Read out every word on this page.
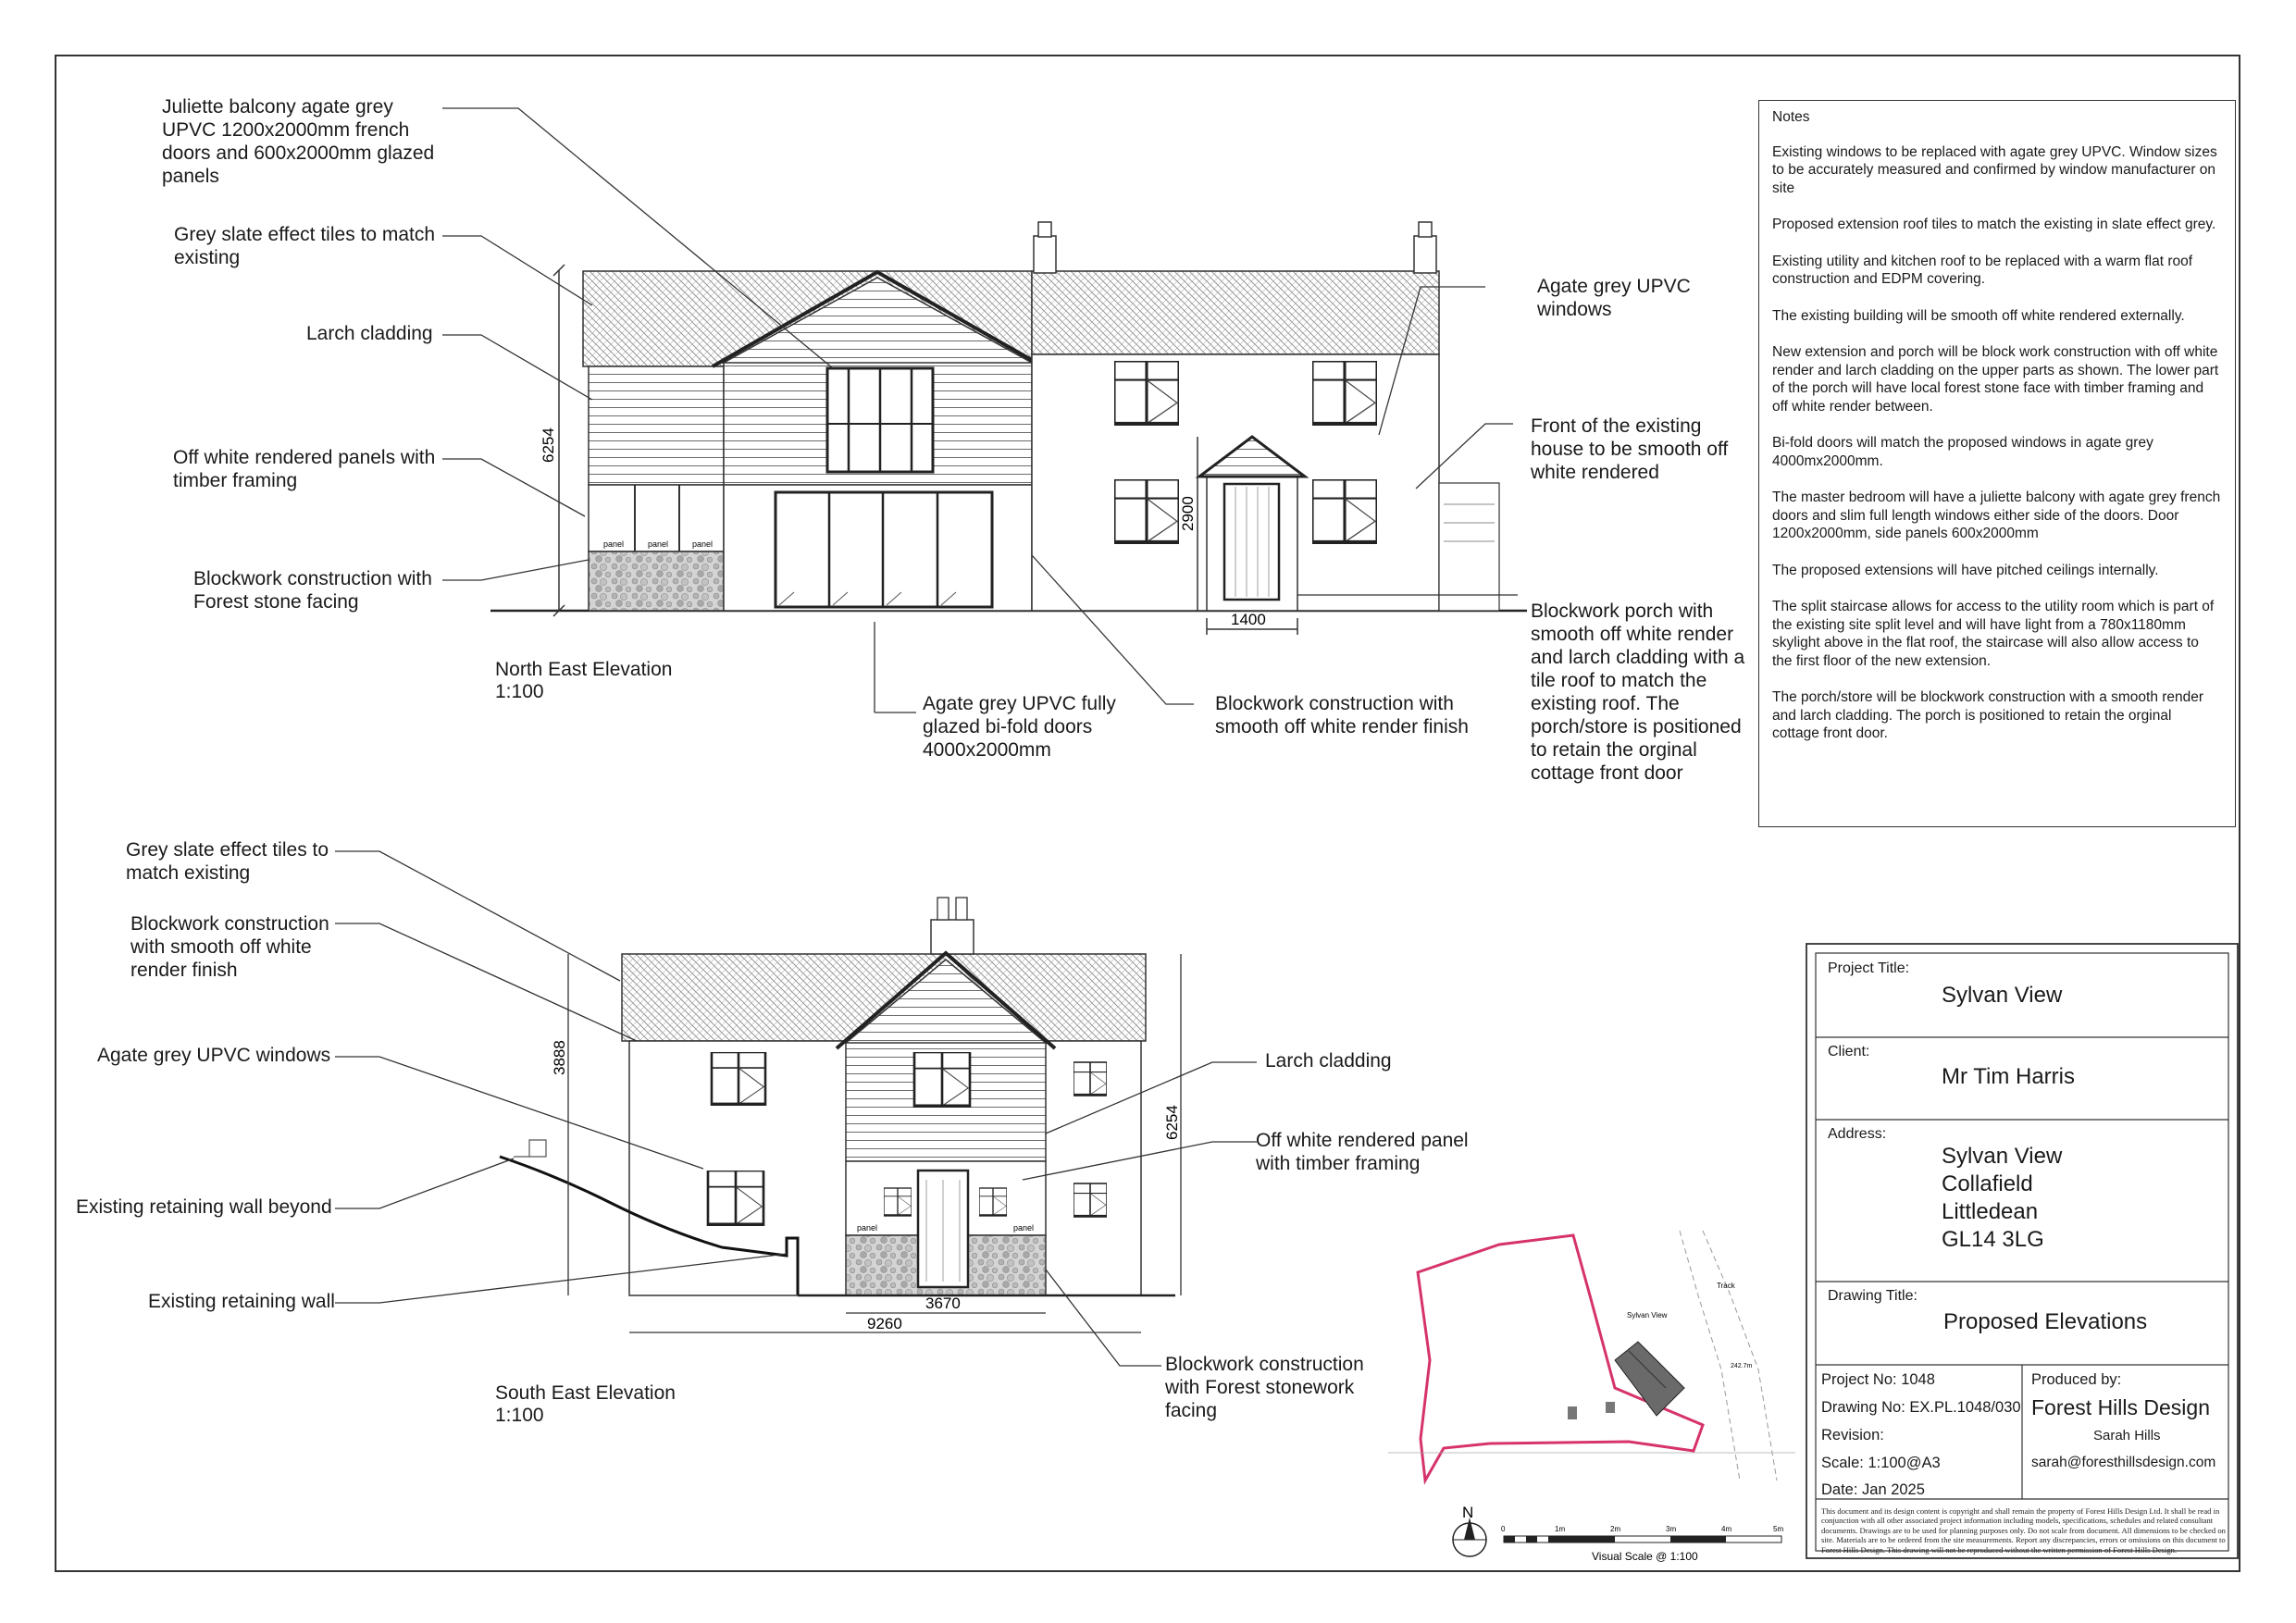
panel	panel	panel
6254
2900
1400
panel	panel
3888
6254
3670
9260	Sylvan View
Track
242.7m
N
0	1m	2m	3m	4m	5m
Visual Scale @ 1:100
Juliette balcony agate grey
UPVC 1200x2000mm french
doors and 600x2000mm glazed
panels
Grey slate effect tiles to match
existing
Larch cladding
Off white rendered panels with
timber framing
Blockwork construction with
Forest stone facing
Agate grey UPVC
windows
Front of the existing
house to be smooth off
white rendered
Blockwork porch with
smooth off white render
and larch cladding with a
tile roof to match the
existing roof. The
porch/store is positioned
to retain the orginal
cottage front door
Agate grey UPVC fully
glazed bi-fold doors
4000x2000mm
Blockwork construction with
smooth off white render finish
North East Elevation
1:100
Grey slate effect tiles to
match existing
Blockwork construction
with smooth off white
render finish
Agate grey UPVC windows
Existing retaining wall beyond
Existing retaining wall
Larch cladding
Off white rendered panel
with timber framing
Blockwork construction
with Forest stonework
facing
South East Elevation
1:100

Notes

Existing windows to be replaced with agate grey UPVC. Window sizes to be accurately measured and confirmed by window manufacturer on site

Proposed extension roof tiles to match the existing in slate effect grey.

Existing utility and kitchen roof to be replaced with a warm flat roof construction and EDPM covering.

The existing building will be smooth off white rendered externally.

New extension and porch will be block work construction with off white render and larch cladding on the upper parts as shown. The lower part of the porch will have local forest stone face with timber framing and off white render between.

Bi-fold doors will match the proposed windows in agate grey 4000mx2000mm.

The master bedroom will have a juliette balcony with agate grey french doors and slim full length windows either side of the doors. Door 1200x2000mm, side panels 600x2000mm

The proposed extensions will have pitched ceilings internally.

The split staircase allows for access to the utility room which is part of the existing site split level and will have light from a 780x1180mm skylight above in the flat roof, the staircase will also allow access to the first floor of the new extension.

The porch/store will be blockwork construction with a smooth render and larch cladding. The porch is positioned to retain the orginal cottage front door.

Project Title:
Sylvan View
Client:
Mr Tim Harris
Address:
Sylvan View
Collafield
Littledean
GL14 3LG
Drawing Title:
Proposed Elevations
Project No: 1048
Drawing No: EX.PL.1048/030
Revision:
Scale: 1:100@A3
Date: Jan 2025
Produced by:
Forest Hills Design
Sarah Hills
sarah@foresthillsdesign.com
This document and its design content is copyright and shall remain the property of Forest Hills Design Ltd. It shall be read in conjunction with all other associated project information including models, specifications, schedules and related consultant documents. Drawings are to be used for planning purposes only. Do not scale from document. All dimensions to be checked on site. Materials are to be ordered from the site measurements. Report any discrepancies, errors or omissions on this document to Forest Hills Design. This drawing will not be reproduced without the written permission of Forest Hills Design.
